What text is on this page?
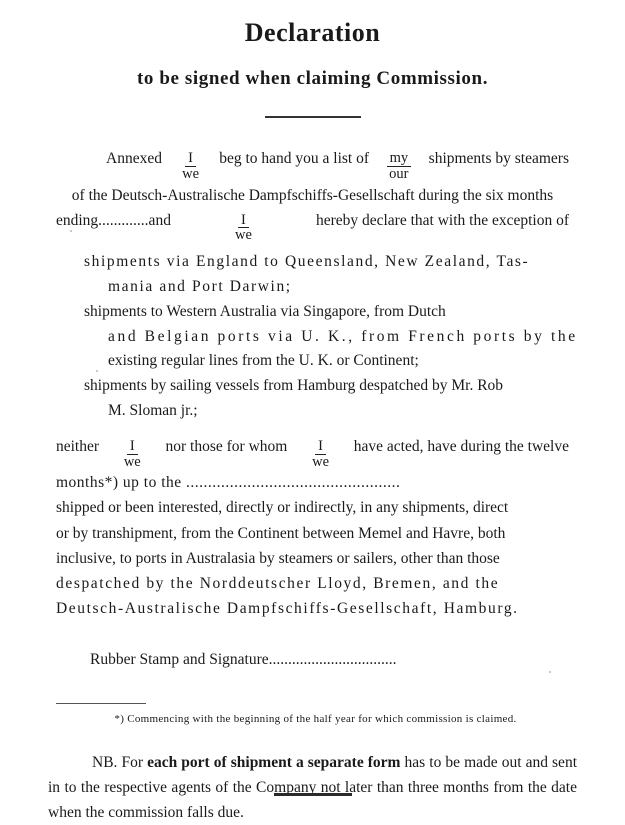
Declaration
to be signed when claiming Commission.
Annexed $\frac{I}{we}$ beg to hand you a list of $\frac{my}{\text{our}}$ shipments by steamers
of the Deutsch-Australische Dampfschiffs-Gesellschaft during the six months
ending.............and	$\frac{I}{we}$	hereby declare that with the exception of
shipments via England to Queensland, New Zealand, Tas-
mania and Port Darwin;
shipments to Western Australia via Singapore, from Dutch
and Belgian ports via U. K., from French ports by the
existing regular lines from the U. K. or Continent;
shipments by sailing vessels from Hamburg despatched by Mr. Rob
M. Sloman jr.;
neither $\frac{I}{we}$ nor those for whom $\frac{I}{we}$ have acted, have during the twelve
months*) up to the .................................................
shipped or been interested, directly or indirectly, in any shipments, direct
or by transhipment, from the Continent between Memel and Havre, both
inclusive, to ports in Australasia by steamers or sailers, other than those
despatched by the Norddeutscher Lloyd, Bremen, and the
Deutsch-Australische Dampfschiffs-Gesellschaft, Hamburg.
Rubber Stamp and Signature.................................
*) Commencing with the beginning of the half year for which commission is claimed.
NB. For each port of shipment a separate form has to be made out and sent in to the respective agents of the Company not later than three months from the date when the commission falls due.
